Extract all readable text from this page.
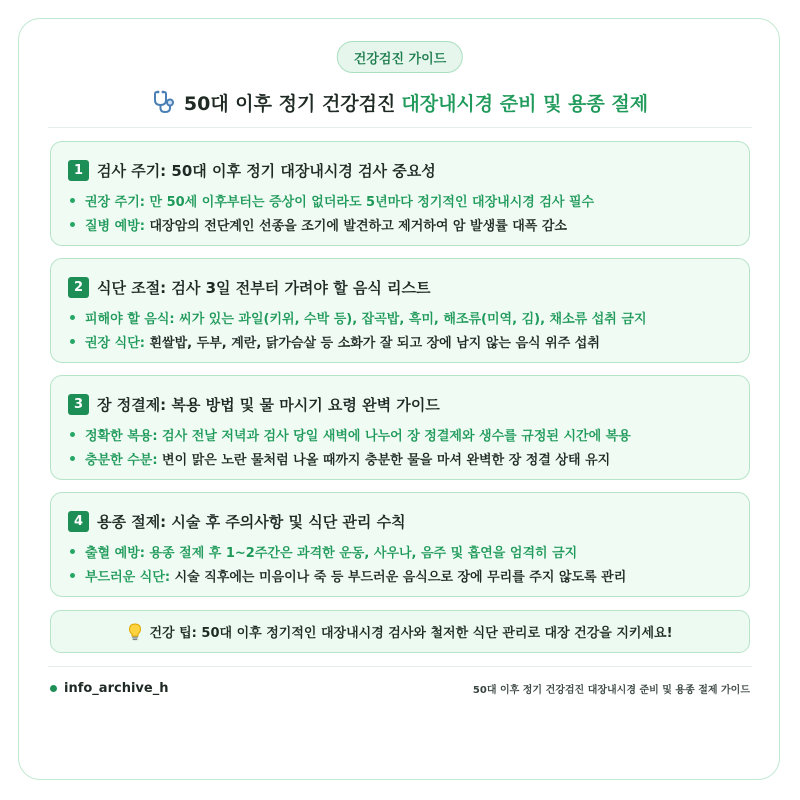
건강검진 가이드
50대 이후 정기 건강검진 대장내시경 준비 및 용종 절제
1 검사 주기: 50대 이후 정기 대장내시경 검사 중요성
권장 주기:
만 50세 이후부터는 증상이 없더라도 5년마다 정기적인 대장내시경 검사 필수
질병 예방:
대장암의 전단계인 선종을 조기에 발견하고 제거하여 암 발생률 대폭 감소
2 식단 조절: 검사 3일 전부터 가려야 할 음식 리스트
피해야 할 음식:
씨가 있는 과일(키위, 수박 등), 잡곡밥, 흑미, 해조류(미역, 김), 채소류 섭취 금지
권장 식단:
흰쌀밥, 두부, 계란, 닭가슴살 등 소화가 잘 되고 장에 남지 않는 음식 위주 섭취
3 장 정결제: 복용 방법 및 물 마시기 요령 완벽 가이드
정확한 복용:
검사 전날 저녁과 검사 당일 새벽에 나누어 장 정결제와 생수를 규정된 시간에 복용
충분한 수분:
변이 맑은 노란 물처럼 나올 때까지 충분한 물을 마셔 완벽한 장 정결 상태 유지
4 용종 절제: 시술 후 주의사항 및 식단 관리 수칙
출혈 예방:
용종 절제 후 1~2주간은 과격한 운동, 사우나, 음주 및 흡연을 엄격히 금지
부드러운 식단:
시술 직후에는 미음이나 죽 등 부드러운 음식으로 장에 무리를 주지 않도록 관리
건강 팁: 50대 이후 정기적인 대장내시경 검사와 철저한 식단 관리로 대장 건강을 지키세요!
info_archive_h	50대 이후 정기 건강검진 대장내시경 준비 및 용종 절제 가이드
